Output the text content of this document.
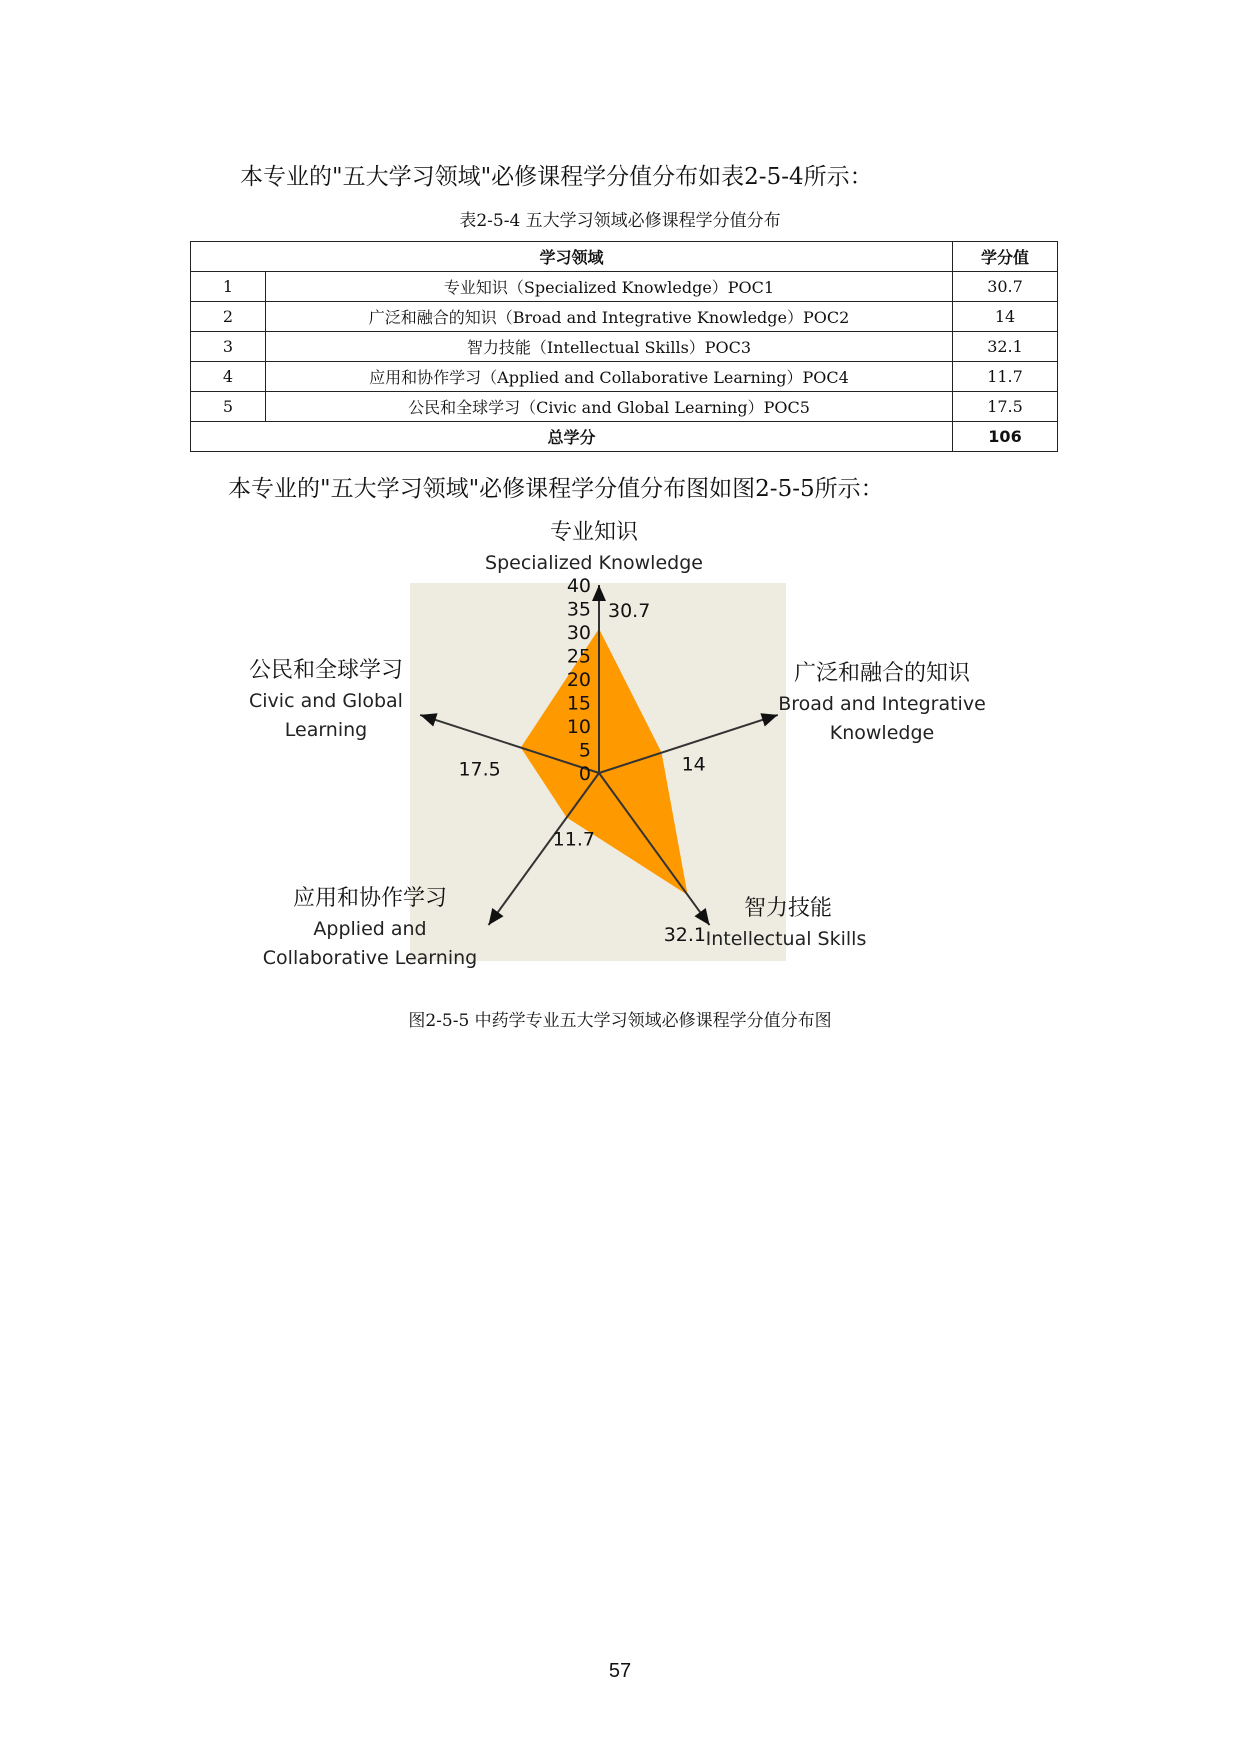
本专业的"五大学习领域"必修课程学分值分布如表2-5-4所示：
表2-5-4 五大学习领域必修课程学分值分布
学习领域		学分值
1	专业知识（Specialized Knowledge）POC1	30.7
2	广泛和融合的知识（Broad and Integrative Knowledge）POC2	14
3	智力技能（Intellectual Skills）POC3	32.1
4	应用和协作学习（Applied and Collaborative Learning）POC4	11.7
5	公民和全球学习（Civic and Global Learning）POC5	17.5
总学分		106
本专业的"五大学习领域"必修课程学分值分布图如图2-5-5所示：
0
5
10
15
20
25
30
35
40
30.7
14
32.1
11.7
17.5
专业知识
Specialized Knowledge
广泛和融合的知识
Broad and Integrative
Knowledge
智力技能
Intellectual Skills
应用和协作学习
Applied and
Collaborative Learning
公民和全球学习
Civic and Global
Learning
图2-5-5 中药学专业五大学习领域必修课程学分值分布图
57
